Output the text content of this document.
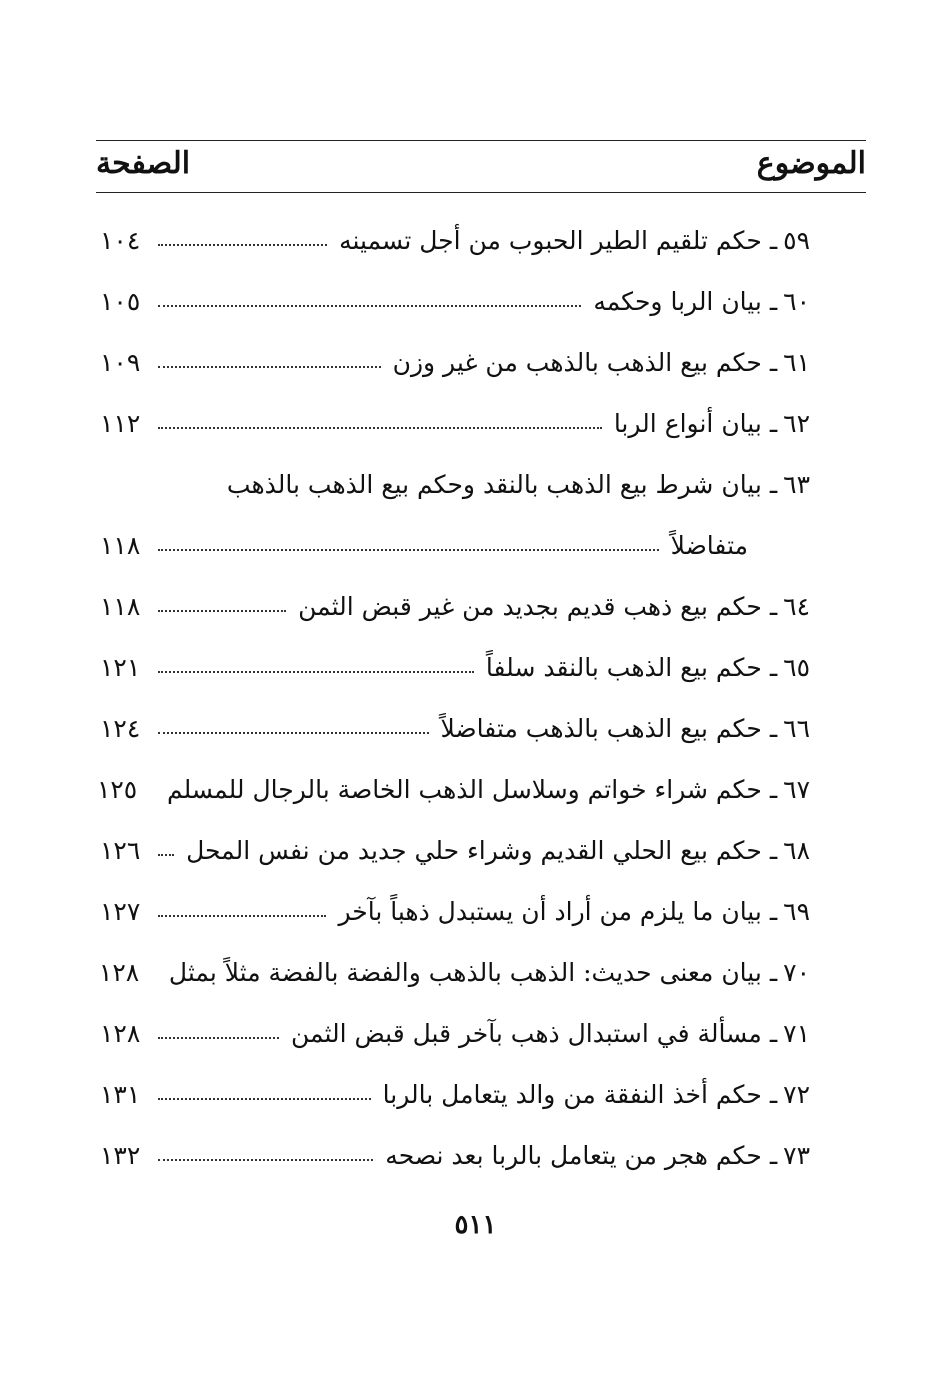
الموضوع
الصفحة
٥٩
ـ
حكم تلقيم الطير الحبوب من أجل تسمينه
١٠٤
٦٠
ـ
بيان الربا وحكمه
١٠٥
٦١
ـ
حكم بيع الذهب بالذهب من غير وزن
١٠٩
٦٢
ـ
بيان أنواع الربا
١١٢
٦٣
ـ
بيان شرط بيع الذهب بالنقد وحكم بيع الذهب بالذهب
متفاضلاً
١١٨
٦٤
ـ
حكم بيع ذهب قديم بجديد من غير قبض الثمن
١١٨
٦٥
ـ
حكم بيع الذهب بالنقد سلفاً
١٢١
٦٦
ـ
حكم بيع الذهب بالذهب متفاضلاً
١٢٤
٦٧
ـ
حكم شراء خواتم وسلاسل الذهب الخاصة بالرجال للمسلم
١٢٥
٦٨
ـ
حكم بيع الحلي القديم وشراء حلي جديد من نفس المحل
١٢٦
٦٩
ـ
بيان ما يلزم من أراد أن يستبدل ذهباً بآخر
١٢٧
٧٠
ـ
بيان معنى حديث: الذهب بالذهب والفضة بالفضة مثلاً بمثل
١٢٨
٧١
ـ
مسألة في استبدال ذهب بآخر قبل قبض الثمن
١٢٨
٧٢
ـ
حكم أخذ النفقة من والد يتعامل بالربا
١٣١
٧٣
ـ
حكم هجر من يتعامل بالربا بعد نصحه
١٣٢
٥١١
